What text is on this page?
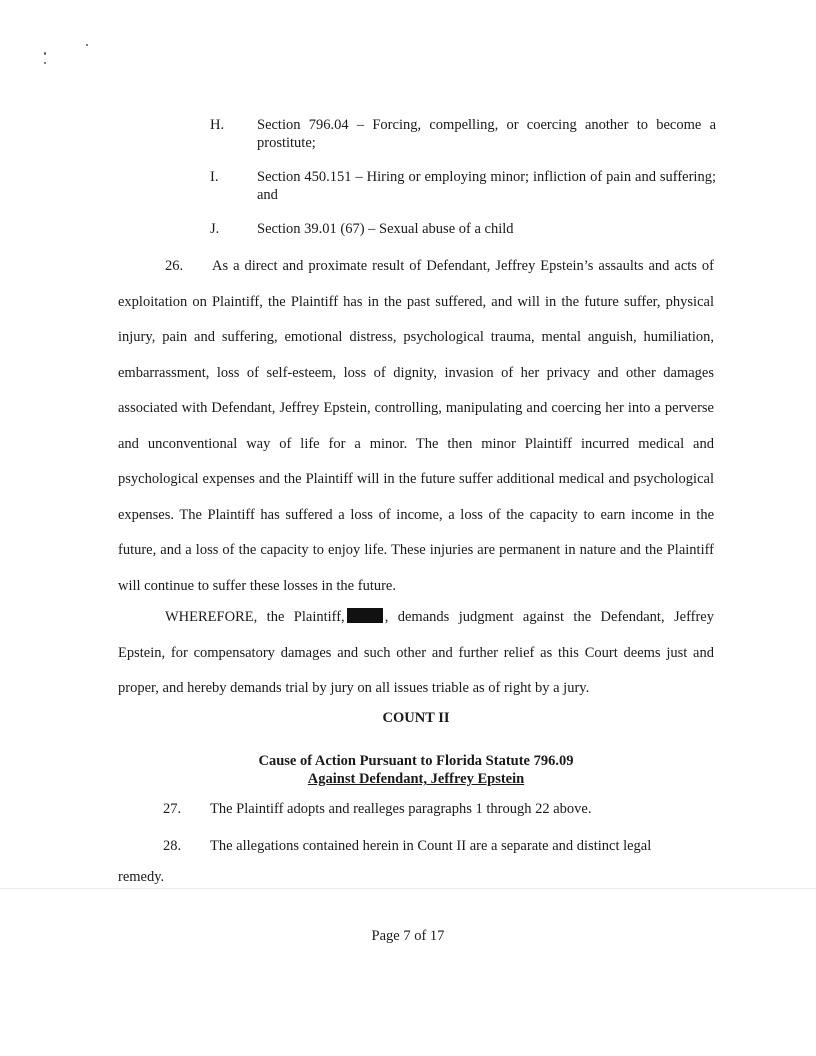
H. Section 796.04 – Forcing, compelling, or coercing another to become a prostitute;
I.	Section 450.151 – Hiring or employing minor; infliction of pain and suffering; and
J.	Section 39.01 (67) – Sexual abuse of a child

26. As a direct and proximate result of Defendant, Jeffrey Epstein’s assaults and acts of exploitation on Plaintiff, the Plaintiff has in the past suffered, and will in the future suffer, physical injury, pain and suffering, emotional distress, psychological trauma, mental anguish, humiliation, embarrassment, loss of self-esteem, loss of dignity, invasion of her privacy and other damages associated with Defendant, Jeffrey Epstein, controlling, manipulating and coercing her into a perverse and unconventional way of life for a minor. The then minor Plaintiff incurred medical and psychological expenses and the Plaintiff will in the future suffer additional medical and psychological expenses. The Plaintiff has suffered a loss of income, a loss of the capacity to earn income in the future, and a loss of the capacity to enjoy life. These injuries are permanent in nature and the Plaintiff will continue to suffer these losses in the future.

WHEREFORE, the Plaintiff,	, demands judgment against the Defendant, Jeffrey Epstein, for compensatory damages and such other and further relief as this Court deems just and proper, and hereby demands trial by jury on all issues triable as of right by a jury.

COUNT II
Cause of Action Pursuant to Florida Statute 796.09
Against Defendant, Jeffrey Epstein

27. The Plaintiff adopts and realleges paragraphs 1 through 22 above.

28. The allegations contained herein in Count II are a separate and distinct legal

remedy.
Page 7 of 17
